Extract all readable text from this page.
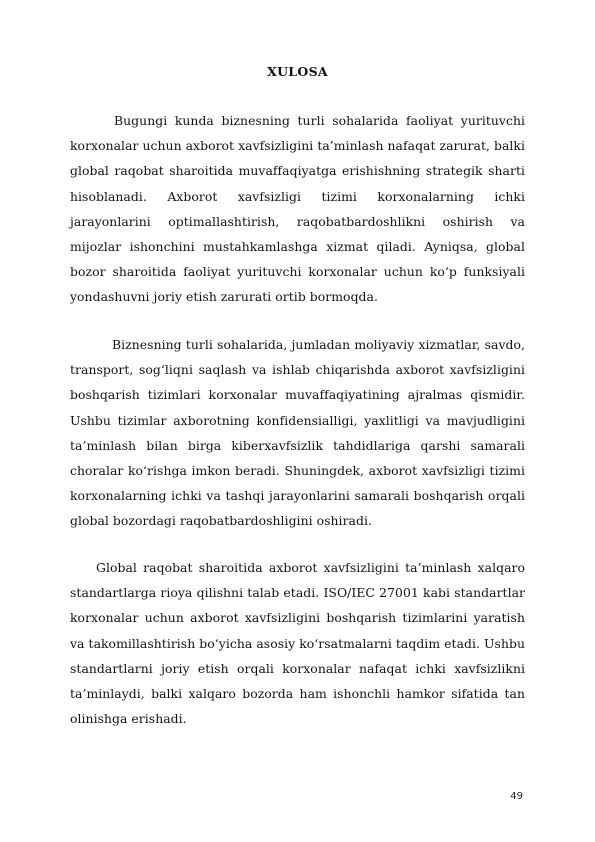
XULOSA

Bugungi kunda biznesning turli sohalarida faoliyat yurituvchi korxonalar uchun axborot xavfsizligini ta’minlash nafaqat zarurat, balki global raqobat sharoitida muvaffaqiyatga erishishning strategik sharti hisoblanadi. Axborot xavfsizligi tizimi korxonalarning ichki jarayonlarini optimallashtirish, raqobatbardoshlikni oshirish va mijozlar ishonchini mustahkamlashga xizmat qiladi. Ayniqsa, global bozor sharoitida faoliyat yurituvchi korxonalar uchun ko‘p funksiyali yondashuvni joriy etish zarurati ortib bormoqda.

Biznesning turli sohalarida, jumladan moliyaviy xizmatlar, savdo, transport, sog‘liqni saqlash va ishlab chiqarishda axborot xavfsizligini boshqarish tizimlari korxonalar muvaffaqiyatining ajralmas qismidir. Ushbu tizimlar axborotning konfidensialligi, yaxlitligi va mavjudligini ta’minlash bilan birga kiberxavfsizlik tahdidlariga qarshi samarali choralar ko‘rishga imkon beradi. Shuningdek, axborot xavfsizligi tizimi korxonalarning ichki va tashqi jarayonlarini samarali boshqarish orqali global bozordagi raqobatbardoshligini oshiradi.

Global raqobat sharoitida axborot xavfsizligini ta’minlash xalqaro standartlarga rioya qilishni talab etadi. ISO/IEC 27001 kabi standartlar korxonalar uchun axborot xavfsizligini boshqarish tizimlarini yaratish va takomillashtirish bo‘yicha asosiy ko‘rsatmalarni taqdim etadi. Ushbu standartlarni joriy etish orqali korxonalar nafaqat ichki xavfsizlikni ta’minlaydi, balki xalqaro bozorda ham ishonchli hamkor sifatida tan olinishga erishadi.

49
